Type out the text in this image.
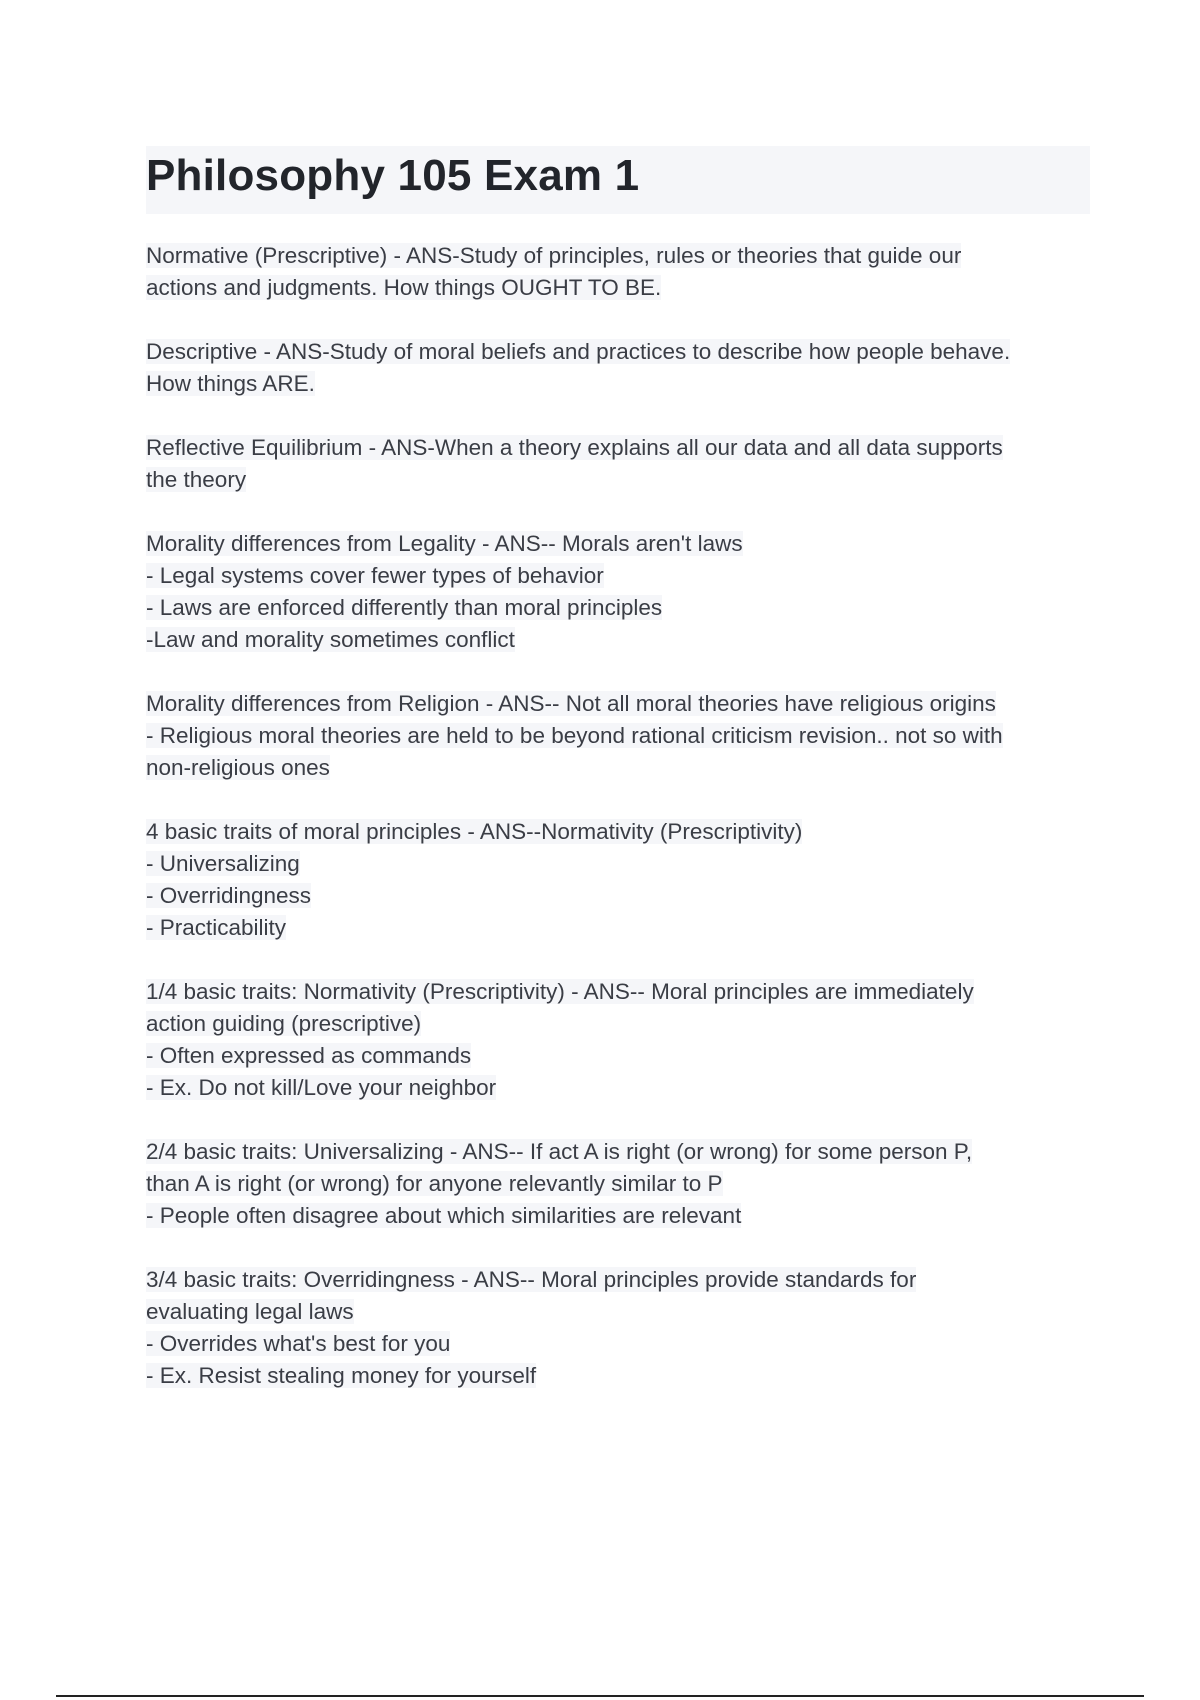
Philosophy 105 Exam 1
Normative (Prescriptive) - ANS-Study of principles, rules or theories that guide our
actions and judgments. How things OUGHT TO BE.
Descriptive - ANS-Study of moral beliefs and practices to describe how people behave.
How things ARE.
Reflective Equilibrium - ANS-When a theory explains all our data and all data supports
the theory
Morality differences from Legality - ANS-- Morals aren't laws
- Legal systems cover fewer types of behavior
- Laws are enforced differently than moral principles
-Law and morality sometimes conflict
Morality differences from Religion - ANS-- Not all moral theories have religious origins
- Religious moral theories are held to be beyond rational criticism revision.. not so with
non-religious ones
4 basic traits of moral principles - ANS--Normativity (Prescriptivity)
- Universalizing
- Overridingness
- Practicability
1/4 basic traits: Normativity (Prescriptivity) - ANS-- Moral principles are immediately
action guiding (prescriptive)
- Often expressed as commands
- Ex. Do not kill/Love your neighbor
2/4 basic traits: Universalizing - ANS-- If act A is right (or wrong) for some person P,
than A is right (or wrong) for anyone relevantly similar to P
- People often disagree about which similarities are relevant
3/4 basic traits: Overridingness - ANS-- Moral principles provide standards for
evaluating legal laws
- Overrides what's best for you
- Ex. Resist stealing money for yourself
